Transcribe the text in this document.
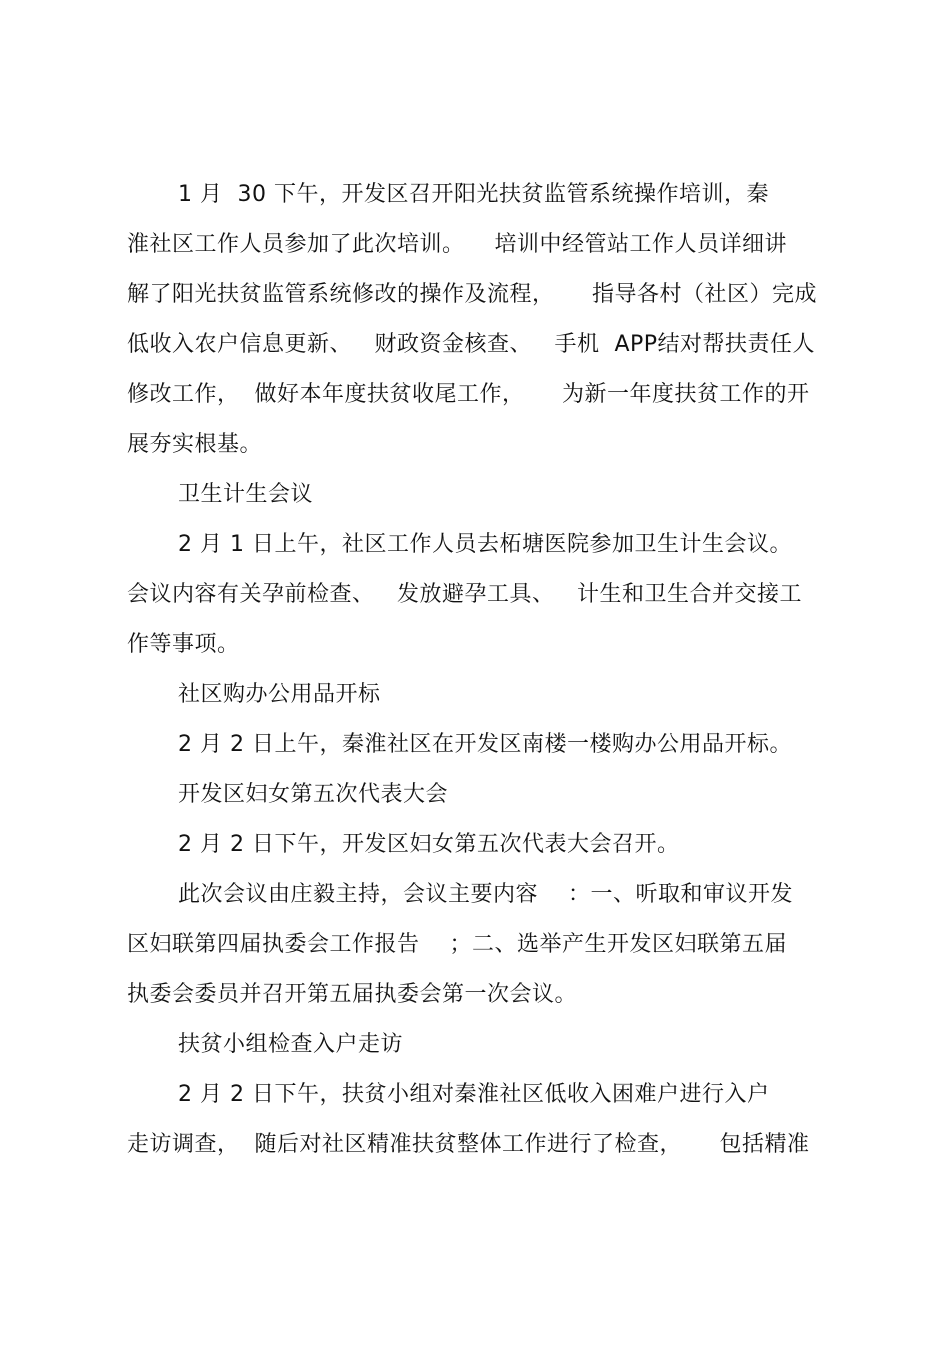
1 月  30 下午，开发区召开阳光扶贫监管系统操作培训，秦
淮社区工作人员参加了此次培训。    培训中经管站工作人员详细讲
解了阳光扶贫监管系统修改的操作及流程，     指导各村（社区）完成
低收入农户信息更新、   财政资金核查、   手机  APP结对帮扶责任人
修改工作，  做好本年度扶贫收尾工作，     为新一年度扶贫工作的开
展夯实根基。
卫生计生会议
2 月 1 日上午，社区工作人员去柘塘医院参加卫生计生会议。
会议内容有关孕前检查、   发放避孕工具、   计生和卫生合并交接工
作等事项。
社区购办公用品开标
2 月 2 日上午，秦淮社区在开发区南楼一楼购办公用品开标。
开发区妇女第五次代表大会
2 月 2 日下午，开发区妇女第五次代表大会召开。
此次会议由庄毅主持，会议主要内容    ：一、听取和审议开发
区妇联第四届执委会工作报告    ；二、选举产生开发区妇联第五届
执委会委员并召开第五届执委会第一次会议。
扶贫小组检查入户走访
2 月 2 日下午，扶贫小组对秦淮社区低收入困难户进行入户
走访调查，  随后对社区精准扶贫整体工作进行了检查，     包括精准
